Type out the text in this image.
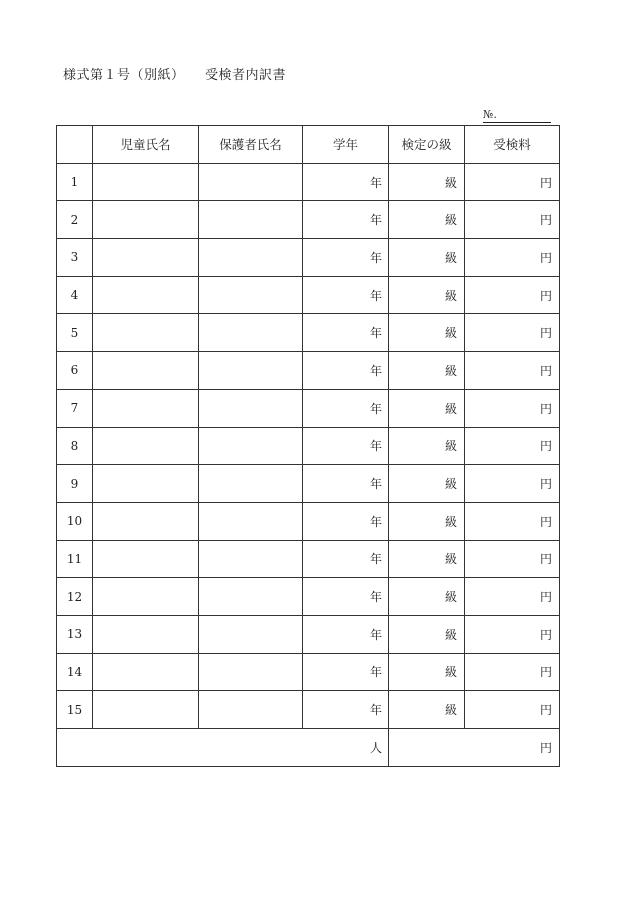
様式第１号（別紙）　　受検者内訳書
№.
	児童氏名	保護者氏名	学年	検定の級	受検料
1			年	級	円
2			年	級	円
3			年	級	円
4			年	級	円
5			年	級	円
6			年	級	円
7			年	級	円
8			年	級	円
9			年	級	円
10			年	級	円
11			年	級	円
12			年	級	円
13			年	級	円
14			年	級	円
15			年	級	円
人				円	
